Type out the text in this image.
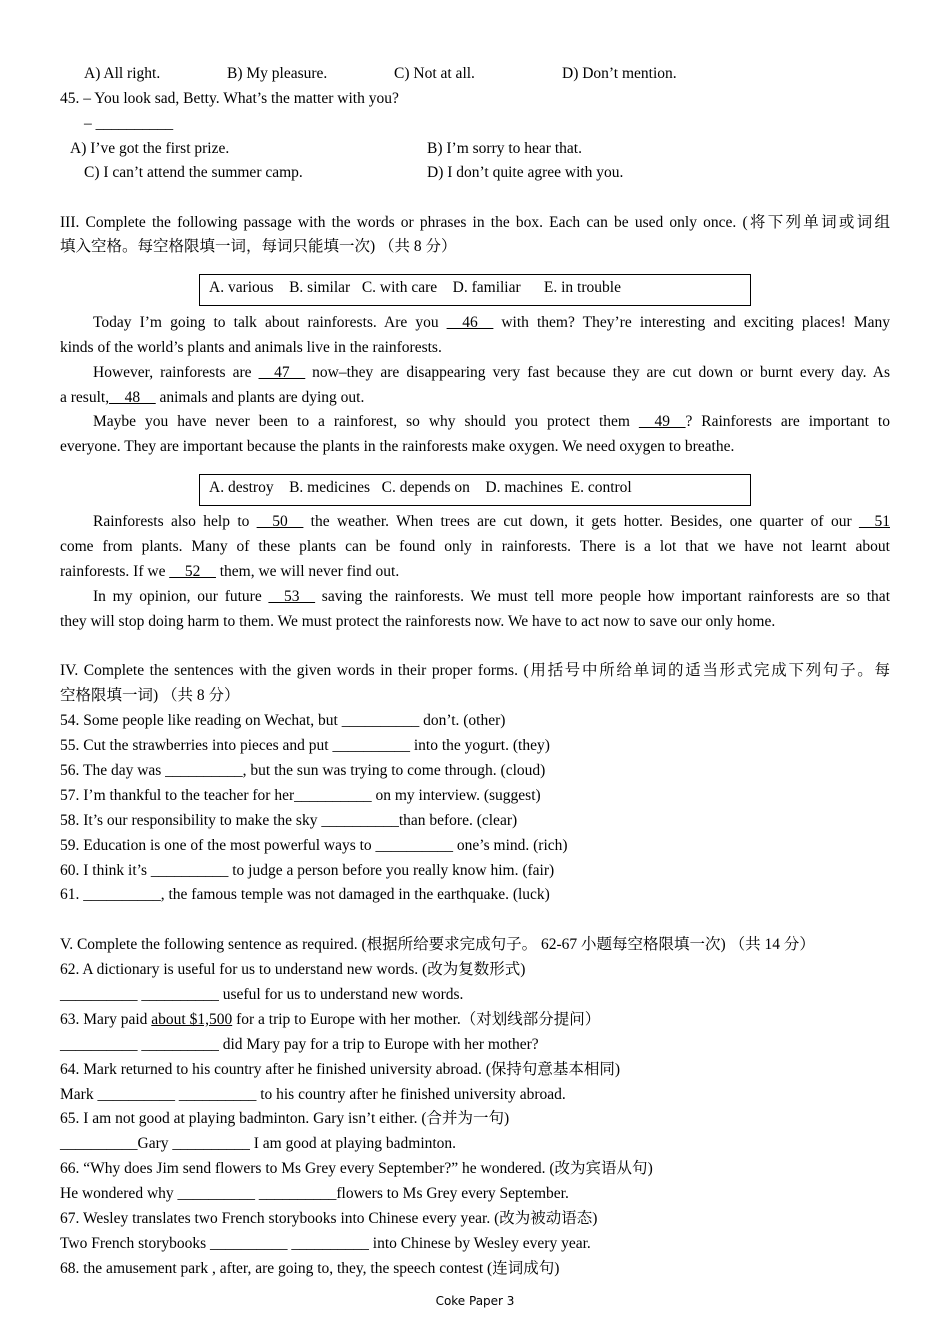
A) All right.	B) My pleasure.	C) Not at all.	D) Don’t mention.
45. – You look sad, Betty. What’s the matter with you?
– __________
A) I’ve got the first prize.	B) I’m sorry to hear that.
C) I can’t attend the summer camp.	D) I don’t quite agree with you.
III. Complete the following passage with the words or phrases in the box. Each can be used only once. (将下列单词或词组
填入空格。每空格限填一词，每词只能填一次) （共 8 分）
A. various    B. similar   C. with care    D. familiar      E. in trouble
Today I’m going to talk about rainforests. Are you __46__ with them? They’re interesting and exciting places! Many
kinds of the world’s plants and animals live in the rainforests.
However, rainforests are __47__ now–they are disappearing very fast because they are cut down or burnt every day. As
a result,__48__ animals and plants are dying out.
Maybe you have never been to a rainforest, so why should you protect them __49__? Rainforests are important to
everyone. They are important because the plants in the rainforests make oxygen. We need oxygen to breathe.
A. destroy    B. medicines   C. depends on    D. machines  E. control
Rainforests also help to __50__ the weather. When trees are cut down, it gets hotter. Besides, one quarter of our __51
come from plants. Many of these plants can be found only in rainforests. There is a lot that we have not learnt about
rainforests. If we __52__ them, we will never find out.
In my opinion, our future __53__ saving the rainforests. We must tell more people how important rainforests are so that
they will stop doing harm to them. We must protect the rainforests now. We have to act now to save our only home.
IV. Complete the sentences with the given words in their proper forms. (用括号中所给单词的适当形式完成下列句子。每
空格限填一词) （共 8 分）
54. Some people like reading on Wechat, but __________ don’t. (other)
55. Cut the strawberries into pieces and put __________ into the yogurt. (they)
56. The day was __________, but the sun was trying to come through. (cloud)
57. I’m thankful to the teacher for her__________ on my interview. (suggest)
58. It’s our responsibility to make the sky __________than before. (clear)
59. Education is one of the most powerful ways to __________ one’s mind. (rich)
60. I think it’s __________ to judge a person before you really know him. (fair)
61. __________, the famous temple was not damaged in the earthquake. (luck)
V. Complete the following sentence as required. (根据所给要求完成句子。 62-67 小题每空格限填一次) （共 14 分）
62. A dictionary is useful for us to understand new words. (改为复数形式)
__________ __________ useful for us to understand new words.
63. Mary paid about $1,500 for a trip to Europe with her mother.（对划线部分提问）
__________ __________ did Mary pay for a trip to Europe with her mother?
64. Mark returned to his country after he finished university abroad. (保持句意基本相同)
Mark __________ __________ to his country after he finished university abroad.
65. I am not good at playing badminton. Gary isn’t either. (合并为一句)
__________Gary __________ I am good at playing badminton.
66. “Why does Jim send flowers to Ms Grey every September?” he wondered. (改为宾语从句)
He wondered why __________ __________flowers to Ms Grey every September.
67. Wesley translates two French storybooks into Chinese every year. (改为被动语态)
Two French storybooks __________ __________ into Chinese by Wesley every year.
68. the amusement park , after, are going to, they, the speech contest (连词成句)
Coke Paper 3
